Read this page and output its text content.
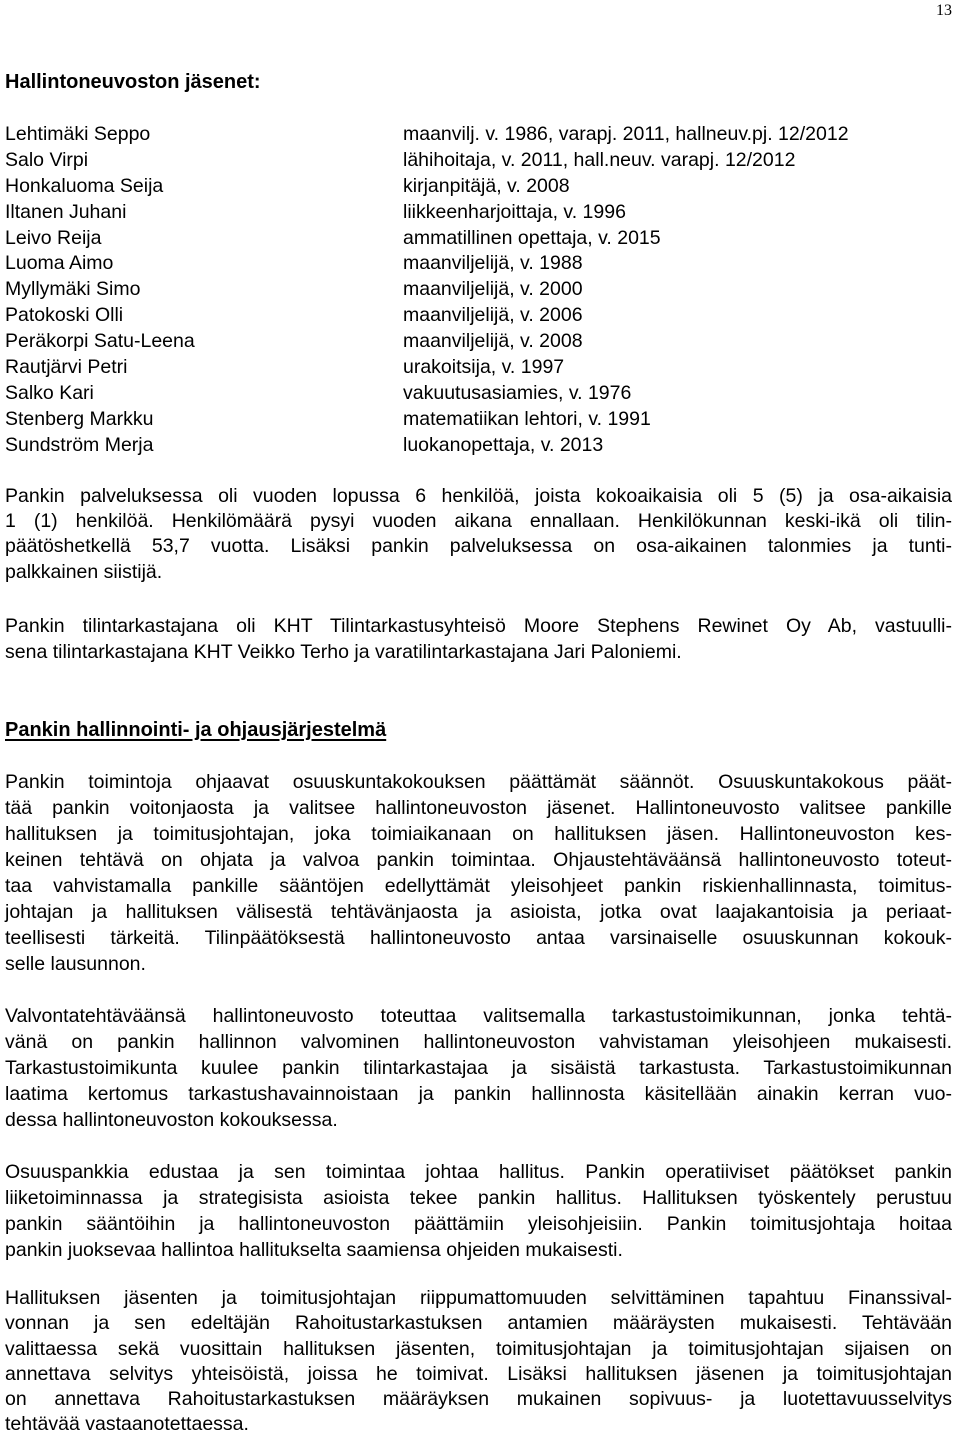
13
Hallintoneuvoston jäsenet:
Lehtimäki Seppo	maanvilj. v. 1986, varapj. 2011, hallneuv.pj. 12/2012
Salo Virpi	lähihoitaja, v. 2011, hall.neuv. varapj. 12/2012
Honkaluoma Seija	kirjanpitäjä, v. 2008
Iltanen Juhani	liikkeenharjoittaja, v. 1996
Leivo Reija	ammatillinen opettaja, v. 2015
Luoma Aimo	maanviljelijä, v. 1988
Myllymäki Simo	maanviljelijä, v. 2000
Patokoski Olli	maanviljelijä, v. 2006
Peräkorpi Satu-Leena	maanviljelijä, v. 2008
Rautjärvi Petri	urakoitsija, v. 1997
Salko Kari	vakuutusasiamies, v. 1976
Stenberg Markku	matematiikan lehtori, v. 1991
Sundström Merja	luokanopettaja, v. 2013
Pankin palveluksessa oli vuoden lopussa 6 henkilöä, joista kokoaikaisia oli 5 (5) ja osa-aikaisia
1 (1) henkilöä. Henkilömäärä pysyi vuoden aikana ennallaan. Henkilökunnan keski-ikä oli tilin-
päätöshetkellä 53,7 vuotta. Lisäksi pankin palveluksessa on osa-aikainen talonmies ja tunti-
palkkainen siistijä.
Pankin tilintarkastajana oli KHT Tilintarkastusyhteisö Moore Stephens Rewinet Oy Ab, vastuulli-
sena tilintarkastajana KHT Veikko Terho ja varatilintarkastajana Jari Paloniemi.
Pankin hallinnointi- ja ohjausjärjestelmä
Pankin toimintoja ohjaavat osuuskuntakokouksen päättämät säännöt. Osuuskuntakokous päät-
tää pankin voitonjaosta ja valitsee hallintoneuvoston jäsenet. Hallintoneuvosto valitsee pankille
hallituksen ja toimitusjohtajan, joka toimiaikanaan on hallituksen jäsen. Hallintoneuvoston kes-
keinen tehtävä on ohjata ja valvoa pankin toimintaa. Ohjaustehtäväänsä hallintoneuvosto toteut-
taa vahvistamalla pankille sääntöjen edellyttämät yleisohjeet pankin riskienhallinnasta, toimitus-
johtajan ja hallituksen välisestä tehtävänjaosta ja asioista, jotka ovat laajakantoisia ja periaat-
teellisesti tärkeitä. Tilinpäätöksestä hallintoneuvosto antaa varsinaiselle osuuskunnan kokouk-
selle lausunnon.
Valvontatehtäväänsä hallintoneuvosto toteuttaa valitsemalla tarkastustoimikunnan, jonka tehtä-
vänä on pankin hallinnon valvominen hallintoneuvoston vahvistaman yleisohjeen mukaisesti.
Tarkastustoimikunta kuulee pankin tilintarkastajaa ja sisäistä tarkastusta. Tarkastustoimikunnan
laatima kertomus tarkastushavainnoistaan ja pankin hallinnosta käsitellään ainakin kerran vuo-
dessa hallintoneuvoston kokouksessa.
Osuuspankkia edustaa ja sen toimintaa johtaa hallitus. Pankin operatiiviset päätökset pankin
liiketoiminnassa ja strategisista asioista tekee pankin hallitus. Hallituksen työskentely perustuu
pankin sääntöihin ja hallintoneuvoston päättämiin yleisohjeisiin. Pankin toimitusjohtaja hoitaa
pankin juoksevaa hallintoa hallitukselta saamiensa ohjeiden mukaisesti.
Hallituksen jäsenten ja toimitusjohtajan riippumattomuuden selvittäminen tapahtuu Finanssival-
vonnan ja sen edeltäjän Rahoitustarkastuksen antamien määräysten mukaisesti. Tehtävään
valittaessa sekä vuosittain hallituksen jäsenten, toimitusjohtajan ja toimitusjohtajan sijaisen on
annettava selvitys yhteisöistä, joissa he toimivat. Lisäksi hallituksen jäsenen ja toimitusjohtajan
on annettava Rahoitustarkastuksen määräyksen mukainen sopivuus- ja luotettavuusselvitys
tehtävää vastaanotettaessa.
